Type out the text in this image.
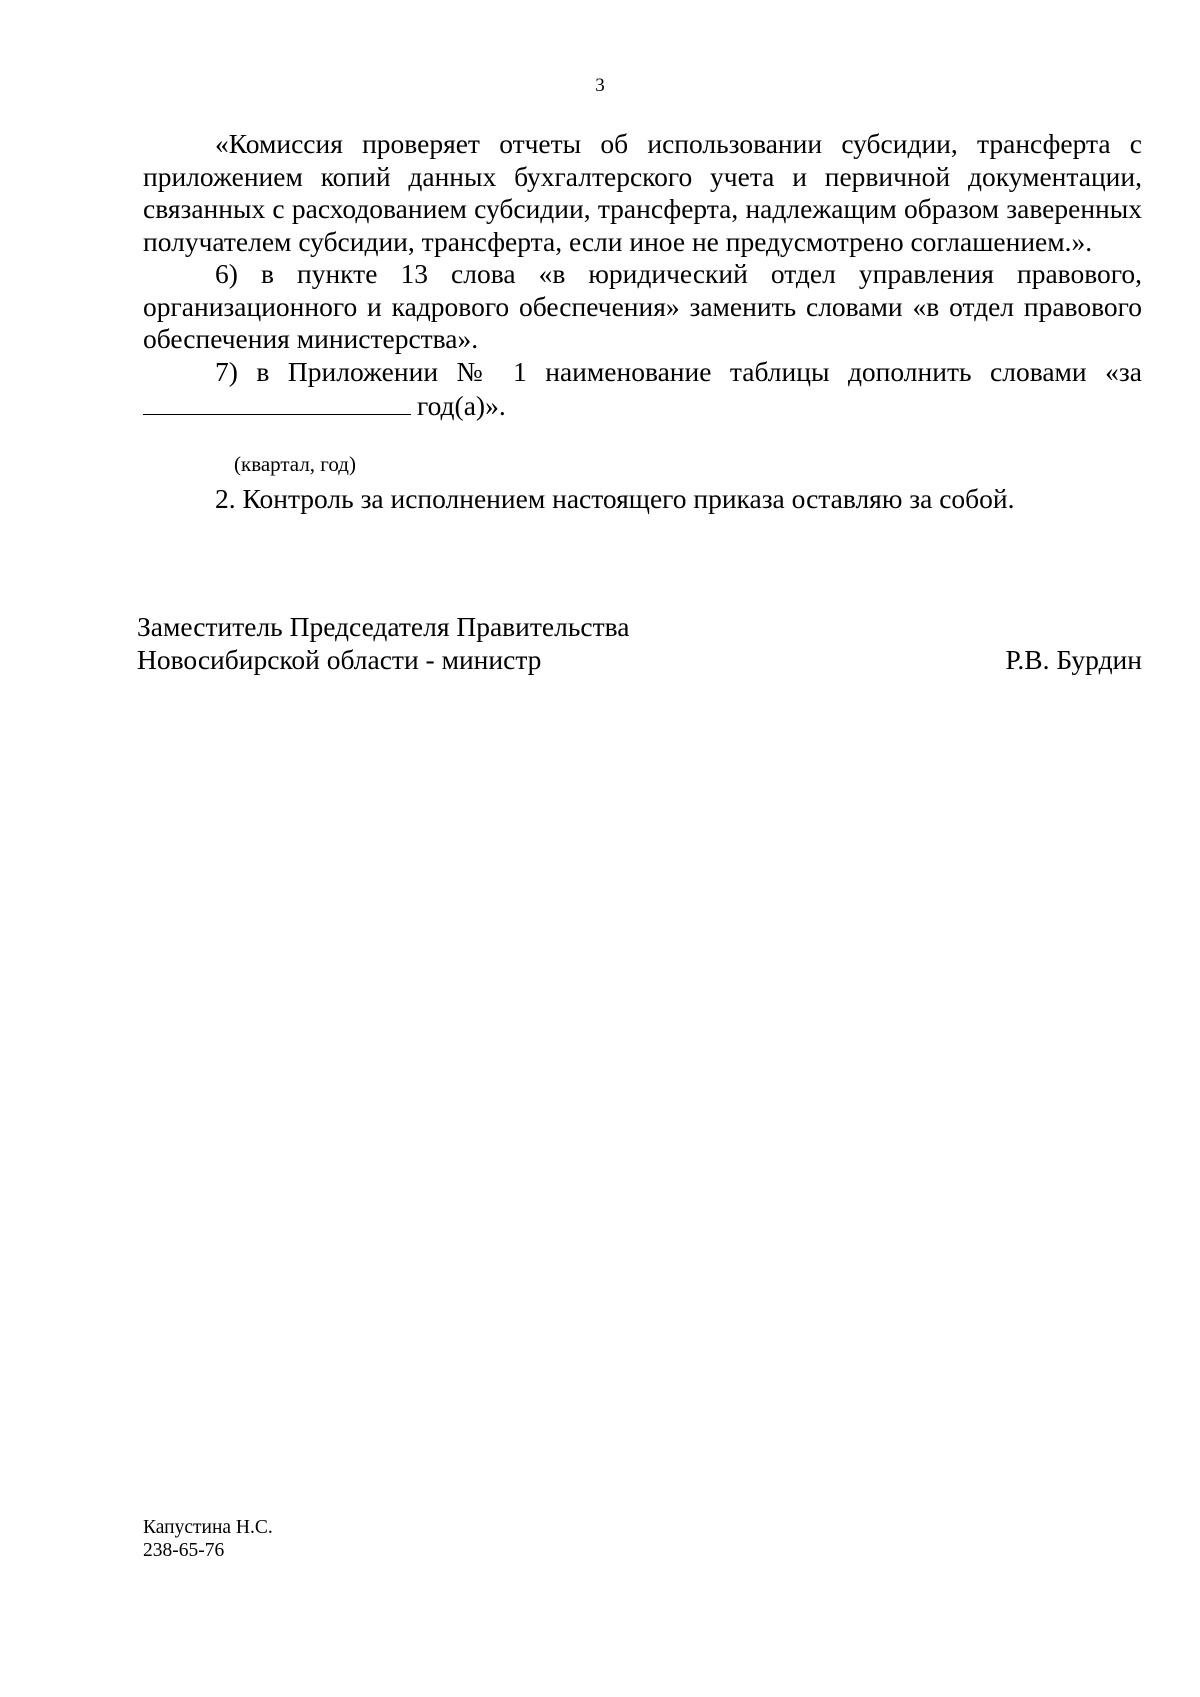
3

«Комиссия проверяет отчеты об использовании субсидии, трансферта с приложением копий данных бухгалтерского учета и первичной документации, связанных с расходованием субсидии, трансферта, надлежащим образом заверенных получателем субсидии, трансферта, если иное не предусмотрено соглашением.».

6) в пункте 13 слова «в юридический отдел управления правового, организационного и кадрового обеспечения» заменить словами «в отдел правового обеспечения министерства».

7) в Приложении № 1 наименование таблицы дополнить словами «за

год(а)».

(квартал, год)
2. Контроль за исполнением настоящего приказа оставляю за собой.
Заместитель Председателя Правительства
Новосибирской области - министр	Р.В. Бурдин
Капустина Н.С.
238-65-76
